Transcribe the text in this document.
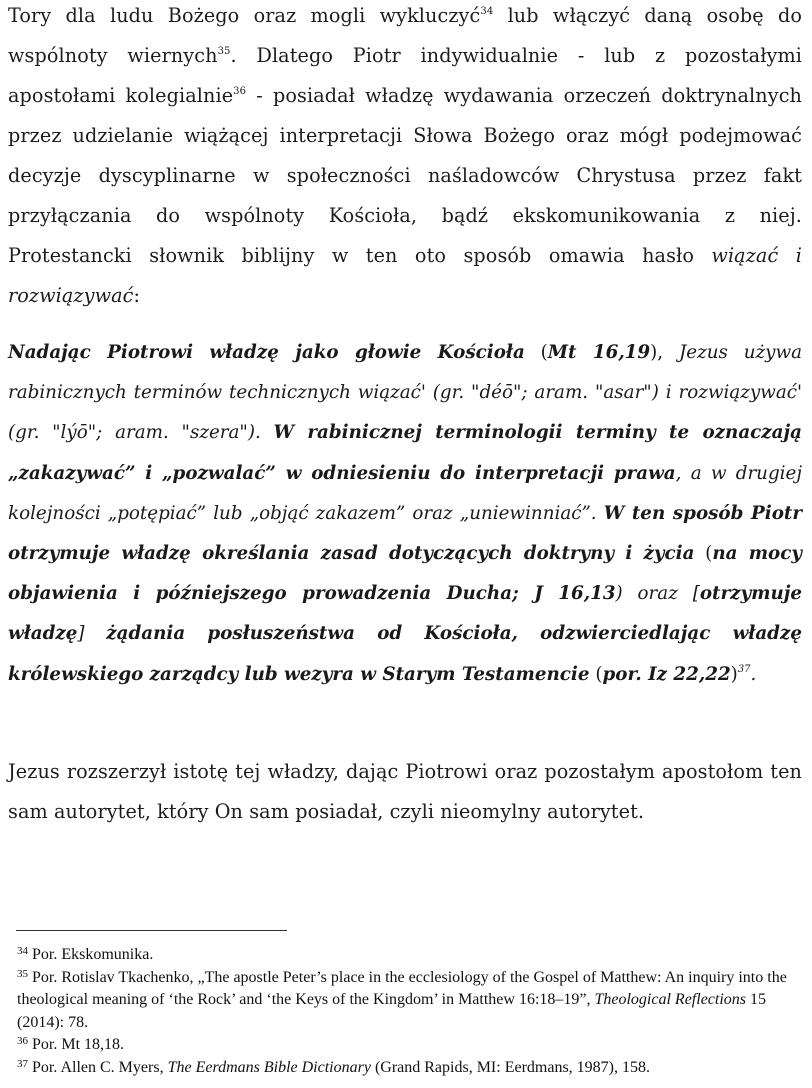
Tory dla ludu Bożego oraz mogli wykluczyć$^{34}$ lub włączyć daną osobę do wspólnoty wiernych$^{35}$. Dlatego Piotr indywidualnie - lub z pozostałymi apostołami kolegialnie$^{36}$ - posiadał władzę wydawania orzeczeń doktrynalnych przez udzielanie wiążącej interpretacji Słowa Bożego oraz mógł podejmować decyzje dyscyplinarne w społeczności naśladowców Chrystusa przez fakt przyłączania do wspólnoty Kościoła, bądź ekskomunikowania z niej. Protestancki słownik biblijny w ten oto sposób omawia hasło wiązać i rozwiązywać:

Nadając Piotrowi władzę jako głowie Kościoła (Mt 16,19), Jezus używa rabinicznych terminów technicznych wiązać' (gr. "déō"; aram. "asar") i rozwiązywać' (gr. "lýō"; aram. "szera"). W rabinicznej terminologii terminy te oznaczają „zakazywać” i „pozwalać” w odniesieniu do interpretacji prawa, a w drugiej kolejności „potępiać” lub „objąć zakazem” oraz „uniewinniać”. W ten sposób Piotr otrzymuje władzę określania zasad dotyczących doktryny i życia (na mocy objawienia i późniejszego prowadzenia Ducha; J 16,13) oraz [otrzymuje władzę] żądania posłuszeństwa od Kościoła, odzwierciedlając władzę królewskiego zarządcy lub wezyra w Starym Testamencie (por. Iz 22,22)$^{37}$.

Jezus rozszerzył istotę tej władzy, dając Piotrowi oraz pozostałym apostołom ten sam autorytet, który On sam posiadał, czyli nieomylny autorytet.

$^{34}$ Por. Ekskomunika.

$^{35}$ Por. Rotislav Tkachenko, „The apostle Peter’s place in the ecclesiology of the Gospel of Matthew: An inquiry into the theological meaning of ‘the Rock’ and ‘the Keys of the Kingdom’ in Matthew 16:18–19”, Theological Reflections 15 (2014): 78.

$^{36}$ Por. Mt 18,18.

$^{37}$ Por. Allen C. Myers, The Eerdmans Bible Dictionary (Grand Rapids, MI: Eerdmans, 1987), 158.
